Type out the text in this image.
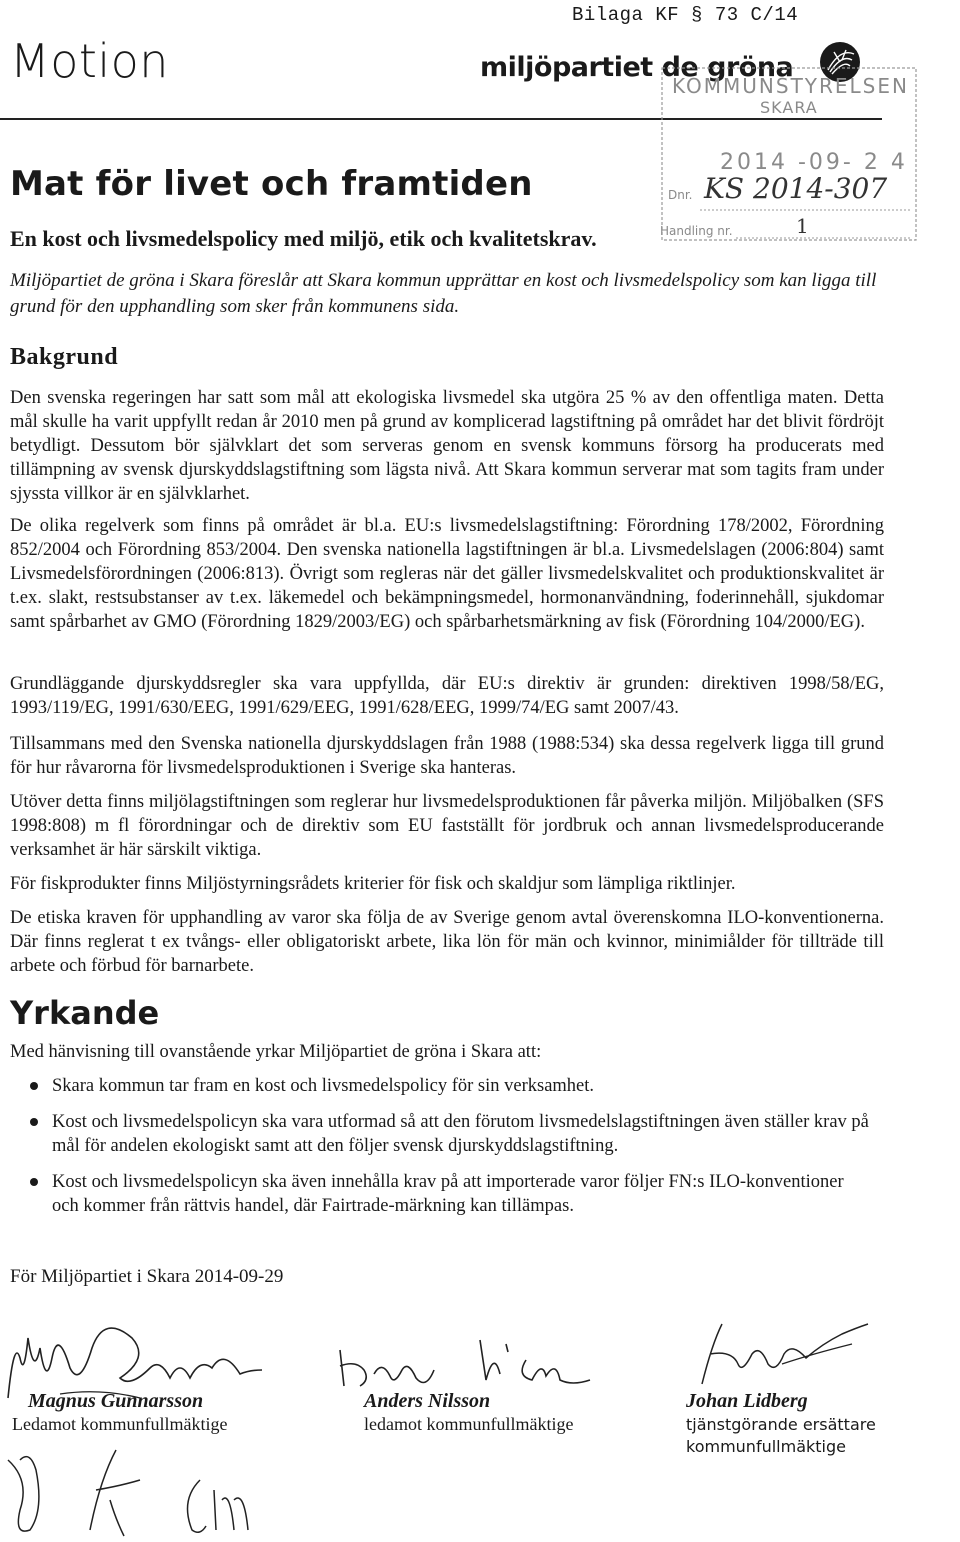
Bilaga KF § 73 C/14
Motion	miljöpartiet de gröna
KOMMUNSTYRELSEN
SKARA
2014 -09- 2 4
Dnr. KS 2014-307
Handling nr.	1
Mat för livet och framtiden
En kost och livsmedelspolicy med miljö, etik och kvalitetskrav.
Miljöpartiet de gröna i Skara föreslår att Skara kommun upprättar en kost och livsmedelspolicy som kan ligga till grund för den upphandling som sker från kommunens sida.
Bakgrund
Den svenska regeringen har satt som mål att ekologiska livsmedel ska utgöra 25 % av den offentliga maten. Detta mål skulle ha varit uppfyllt redan år 2010 men på grund av komplicerad lagstiftning på området har det blivit fördröjt betydligt. Dessutom bör självklart det som serveras genom en svensk kommuns försorg ha producerats med tillämpning av svensk djurskyddslagstiftning som lägsta nivå. Att Skara kommun serverar mat som tagits fram under sjyssta villkor är en självklarhet.
De olika regelverk som finns på området är bl.a. EU:s livsmedelslagstiftning: Förordning 178/2002, Förordning 852/2004 och Förordning 853/2004. Den svenska nationella lagstiftningen är bl.a. Livsmedelslagen (2006:804) samt Livsmedelsförordningen (2006:813). Övrigt som regleras när det gäller livsmedelskvalitet och produktionskvalitet är t.ex. slakt, restsubstanser av t.ex. läkemedel och bekämpningsmedel, hormonanvändning, foderinnehåll, sjukdomar samt spårbarhet av GMO (Förordning 1829/2003/EG) och spårbarhetsmärkning av fisk (Förordning 104/2000/EG).
Grundläggande djurskyddsregler ska vara uppfyllda, där EU:s direktiv är grunden: direktiven 1998/58/EG, 1993/119/EG, 1991/630/EEG, 1991/629/EEG, 1991/628/EEG, 1999/74/EG samt 2007/43.
Tillsammans med den Svenska nationella djurskyddslagen från 1988 (1988:534) ska dessa regelverk ligga till grund för hur råvarorna för livsmedelsproduktionen i Sverige ska hanteras.
Utöver detta finns miljölagstiftningen som reglerar hur livsmedelsproduktionen får påverka miljön. Miljöbalken (SFS 1998:808) m fl förordningar och de direktiv som EU fastställt för jordbruk och annan livsmedelsproducerande verksamhet är här särskilt viktiga.
För fiskprodukter finns Miljöstyrningsrådets kriterier för fisk och skaldjur som lämpliga riktlinjer.
De etiska kraven för upphandling av varor ska följa de av Sverige genom avtal överenskomna ILO-konventionerna. Där finns reglerat t ex tvångs- eller obligatoriskt arbete, lika lön för män och kvinnor, minimiålder för tillträde till arbete och förbud för barnarbete.
Yrkande
Med hänvisning till ovanstående yrkar Miljöpartiet de gröna i Skara att:
Skara kommun tar fram en kost och livsmedelspolicy för sin verksamhet.
Kost och livsmedelspolicyn ska vara utformad så att den förutom livsmedelslagstiftningen även ställer krav på mål för andelen ekologiskt samt att den följer svensk djurskyddslagstiftning.
Kost och livsmedelspolicyn ska även innehålla krav på att importerade varor följer FN:s ILO-konventioner och kommer från rättvis handel, där Fairtrade-märkning kan tillämpas.
För Miljöpartiet i Skara 2014-09-29
Magnus Gunnarsson
Ledamot kommunfullmäktige
Anders Nilsson
ledamot kommunfullmäktige
Johan Lidberg
tjänstgörande ersättare kommunfullmäktige
